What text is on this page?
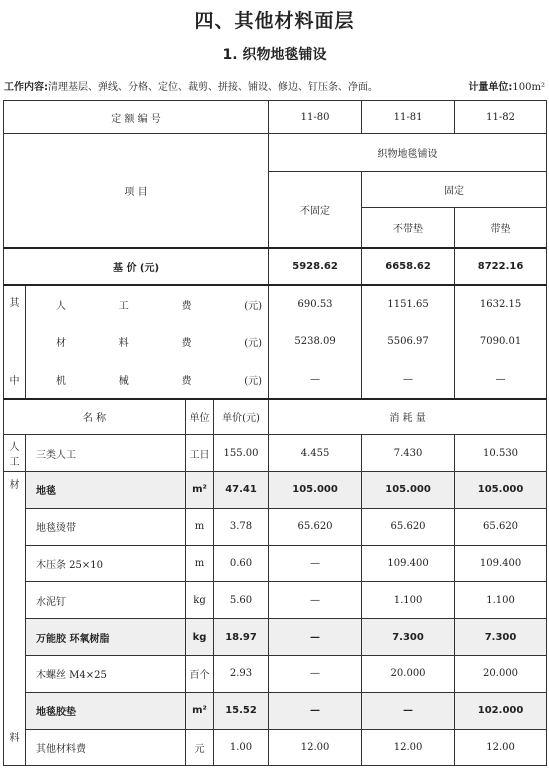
四、其他材料面层
1. 织物地毯铺设
工作内容:清理基层、弹线、分格、定位、裁剪、拼接、铺设、修边、钉压条、净面。	计量单位:100m²
定 额 编 号				11-80	11-81	11-82
项 目				织物地毯铺设		
				不固定	固定	
					不带垫	带垫
基 价 (元)				5928.62	6658.62	8722.16
其	人 工 费 (元)			690.53	1151.65	1632.15

	材 料 费 (元)			5238.09	5506.97	7090.01
中	机 械 费 (元)			—	—	—
名 称		单位	单价(元)	消 耗 量		
人
工	三类人工	工日	155.00	4.455	7.430	10.530
材	地毯	m²	47.41	105.000	105.000	105.000
	地毯烫带	m	3.78	65.620	65.620	65.620
	木压条 25×10	m	0.60	—	109.400	109.400
	水泥钉	kg	5.60	—	1.100	1.100
	万能胶 环氧树脂	kg	18.97	—	7.300	7.300
	木螺丝 M4×25	百个	2.93	—	20.000	20.000
	地毯胶垫	m²	15.52	—	—	102.000
料	其他材料费	元	1.00	12.00	12.00	12.00
